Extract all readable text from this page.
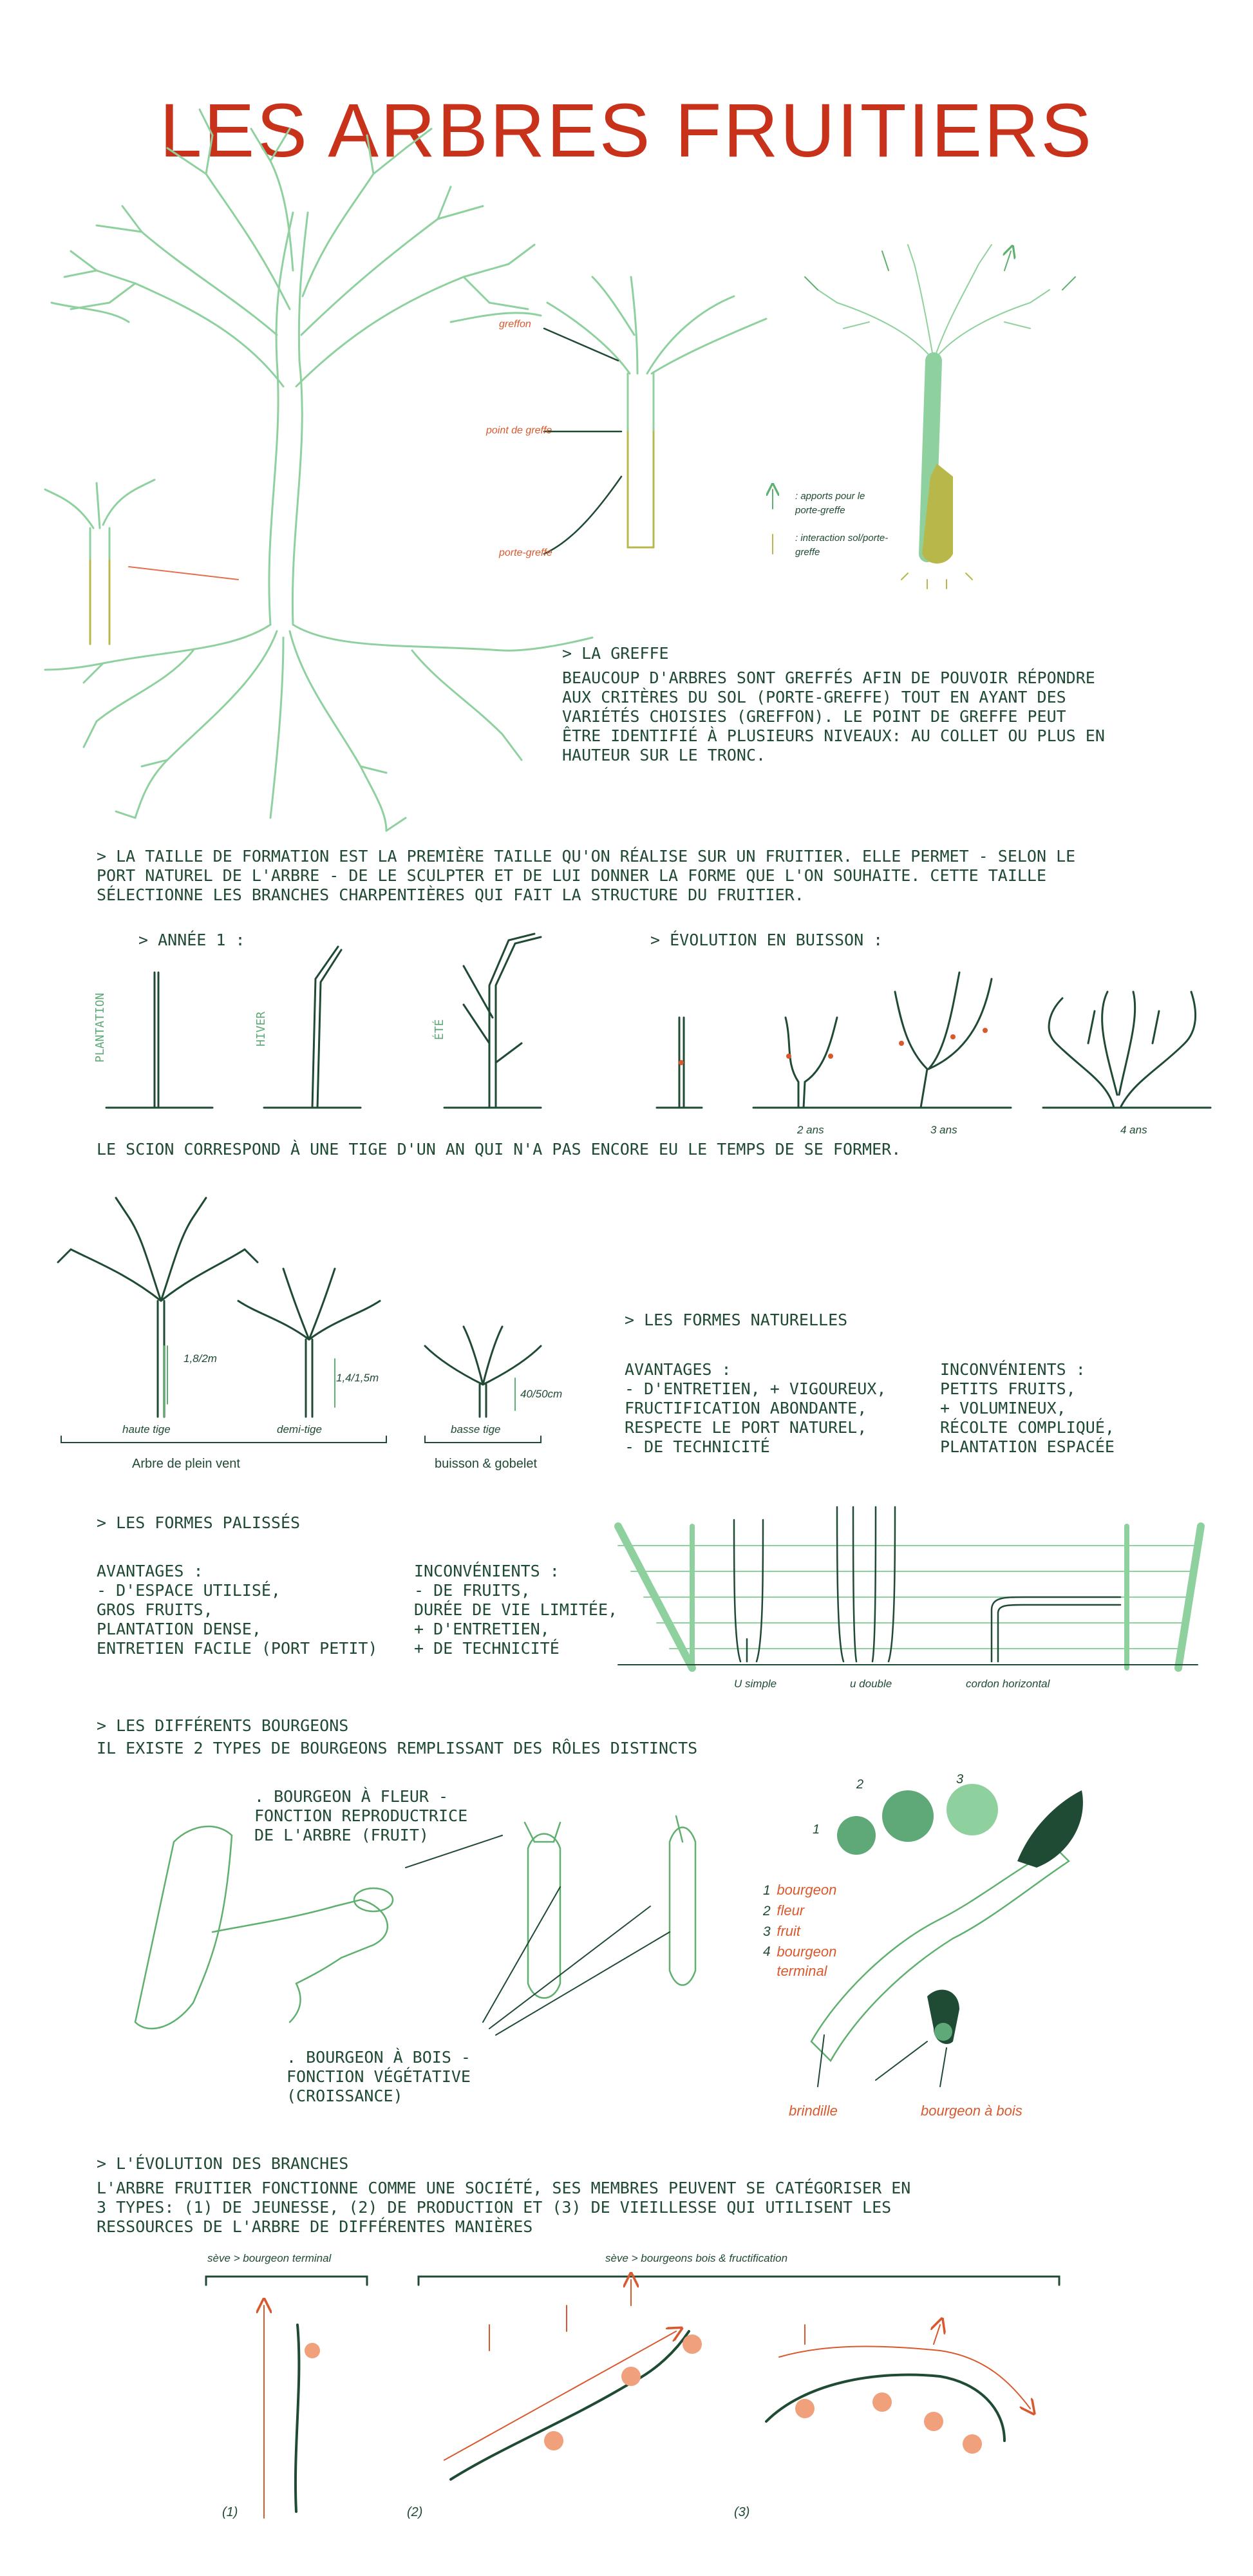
LES ARBRES FRUITIERS
greffon
point de greffe
porte-greffe
: apports pour le
porte-greffe
: interaction sol/porte-
greffe
> LA GREFFE
BEAUCOUP D'ARBRES SONT GREFFÉS AFIN DE POUVOIR RÉPONDRE
AUX CRITÈRES DU SOL (PORTE-GREFFE) TOUT EN AYANT DES
VARIÉTÉS CHOISIES (GREFFON). LE POINT DE GREFFE PEUT
ÊTRE IDENTIFIÉ À PLUSIEURS NIVEAUX: AU COLLET OU PLUS EN
HAUTEUR SUR LE TRONC.
> LA TAILLE DE FORMATION EST LA PREMIÈRE TAILLE QU'ON RÉALISE SUR UN FRUITIER. ELLE PERMET - SELON LE
PORT NATUREL DE L'ARBRE - DE LE SCULPTER ET DE LUI DONNER LA FORME QUE L'ON SOUHAITE. CETTE TAILLE
SÉLECTIONNE LES BRANCHES CHARPENTIÈRES QUI FAIT LA STRUCTURE DU FRUITIER.
> ANNÉE 1 :	> ÉVOLUTION EN BUISSON :
PLANTATION	HIVER	ÉTÉ
2 ans	3 ans	4 ans
LE SCION CORRESPOND À UNE TIGE D'UN AN QUI N'A PAS ENCORE EU LE TEMPS DE SE FORMER.
1,8/2m
1,4/1,5m
40/50cm
haute tige	demi-tige	basse tige
Arbre de plein vent	buisson & gobelet
> LES FORMES NATURELLES
AVANTAGES :
- D'ENTRETIEN, + VIGOUREUX,
FRUCTIFICATION ABONDANTE,
RESPECTE LE PORT NATUREL,
- DE TECHNICITÉ
INCONVÉNIENTS :
PETITS FRUITS,
+ VOLUMINEUX,
RÉCOLTE COMPLIQUÉ,
PLANTATION ESPACÉE
> LES FORMES PALISSÉS
AVANTAGES :
- D'ESPACE UTILISÉ,
GROS FRUITS,
PLANTATION DENSE,
ENTRETIEN FACILE (PORT PETIT)
INCONVÉNIENTS :
- DE FRUITS,
DURÉE DE VIE LIMITÉE,
+ D'ENTRETIEN,
+ DE TECHNICITÉ
U simple	u double	cordon horizontal
> LES DIFFÉRENTS BOURGEONS
IL EXISTE 2 TYPES DE BOURGEONS REMPLISSANT DES RÔLES DISTINCTS
. BOURGEON À FLEUR -
FONCTION REPRODUCTRICE
DE L'ARBRE (FRUIT)
. BOURGEON À BOIS -
FONCTION VÉGÉTATIVE
(CROISSANCE)
1
2	3
4
1 bourgeon
2 fleur
3 fruit
4
bourgeon
terminal
brindille	bourgeon à bois
> L'ÉVOLUTION DES BRANCHES
L'ARBRE FRUITIER FONCTIONNE COMME UNE SOCIÉTÉ, SES MEMBRES PEUVENT SE CATÉGORISER EN
3 TYPES: (1) DE JEUNESSE, (2) DE PRODUCTION ET (3) DE VIEILLESSE QUI UTILISENT LES
RESSOURCES DE L'ARBRE DE DIFFÉRENTES MANIÈRES
sève > bourgeon terminal	sève > bourgeons bois & fructification
(1)	(2)	(3)
